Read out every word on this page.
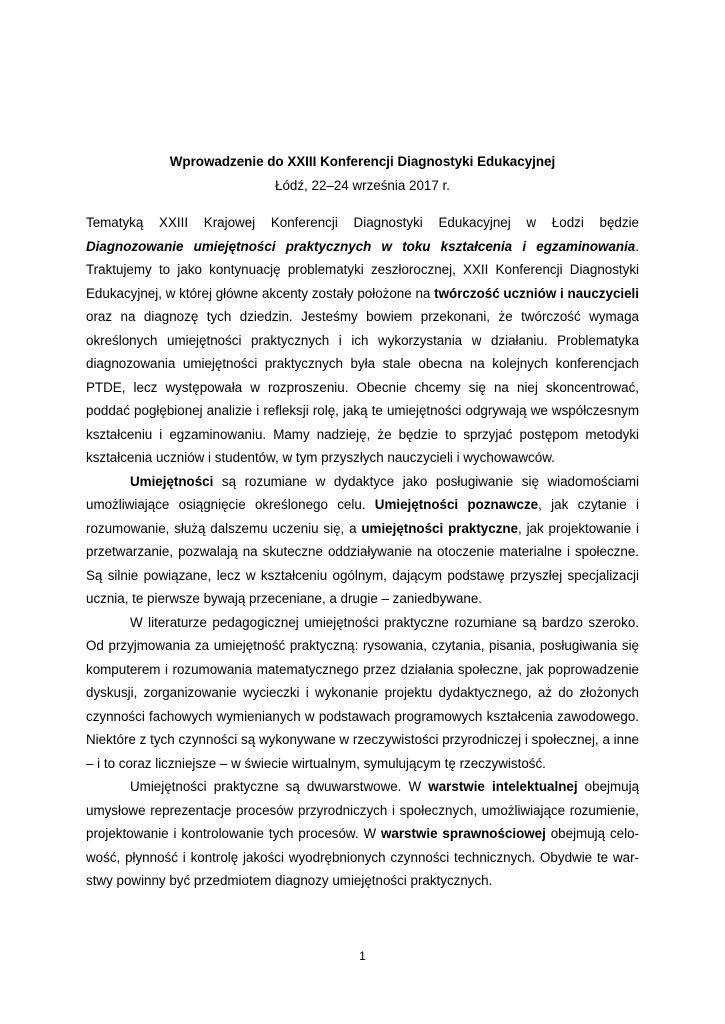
Wprowadzenie do XXIII Konferencji Diagnostyki Edukacyjnej
Łódź, 22–24 września 2017 r.

Tematyką XXIII Krajowej Konferencji Diagnostyki Edukacyjnej w Łodzi będzie Diagnozowanie umiejętności praktycznych w toku kształcenia i egzaminowania. Traktujemy to jako kontynuację problematyki zeszłorocznej, XXII Konferencji Diagnostyki Edukacyjnej, w której główne akcenty zostały położone na twórczość uczniów i nauczycieli oraz na diagnozę tych dziedzin. Jesteśmy bowiem przekonani, że twórczość wymaga określonych umiejętności praktycznych i ich wykorzystania w działaniu. Problematyka diagnozowania umiejętności praktycznych była stale obecna na kolejnych konferencjach PTDE, lecz występowała w rozproszeniu. Obecnie chcemy się na niej skoncentrować, poddać pogłębionej analizie i refleksji rolę, jaką te umiejętności odgrywają we współczesnym kształceniu i egzaminowaniu. Mamy nadzieję, że będzie to sprzyjać postępom metodyki kształcenia uczniów i studentów, w tym przyszłych nauczycieli i wychowawców.

Umiejętności są rozumiane w dydaktyce jako posługiwanie się wiadomościami umożliwiające osiągnięcie określonego celu. Umiejętności poznawcze, jak czytanie i rozumowanie, służą dalszemu uczeniu się, a umiejętności praktyczne, jak projektowanie i przetwarzanie, pozwalają na skuteczne oddziaływanie na otoczenie materialne i społeczne. Są silnie powiązane, lecz w kształceniu ogólnym, dającym podstawę przyszłej specjalizacji ucznia, te pierwsze bywają przeceniane, a drugie – zaniedbywane.

W literaturze pedagogicznej umiejętności praktyczne rozumiane są bardzo szeroko. Od przyjmowania za umiejętność praktyczną: rysowania, czytania, pisania, posługiwania się komputerem i rozumowania matematycznego przez działania społeczne, jak poprowadzenie dyskusji, zorganizowanie wycieczki i wykonanie projektu dydaktycznego, aż do złożonych czynności fachowych wymienianych w podstawach programowych kształcenia zawodowego. Niektóre z tych czynności są wykonywane w rzeczywistości przyrodniczej i społecznej, a inne – i to coraz liczniejsze – w świecie wirtualnym, symulującym tę rzeczywistość.

Umiejętności praktyczne są dwuwarstwowe. W warstwie intelektualnej obejmują umysłowe reprezentacje procesów przyrodniczych i społecznych, umożliwiające rozumienie, projektowanie i kontrolowanie tych procesów. W warstwie sprawnościowej obejmują celowość, płynność i kontrolę jakości wyodrębnionych czynności technicznych. Obydwie te warstwy powinny być przedmiotem diagnozy umiejętności praktycznych.

1
